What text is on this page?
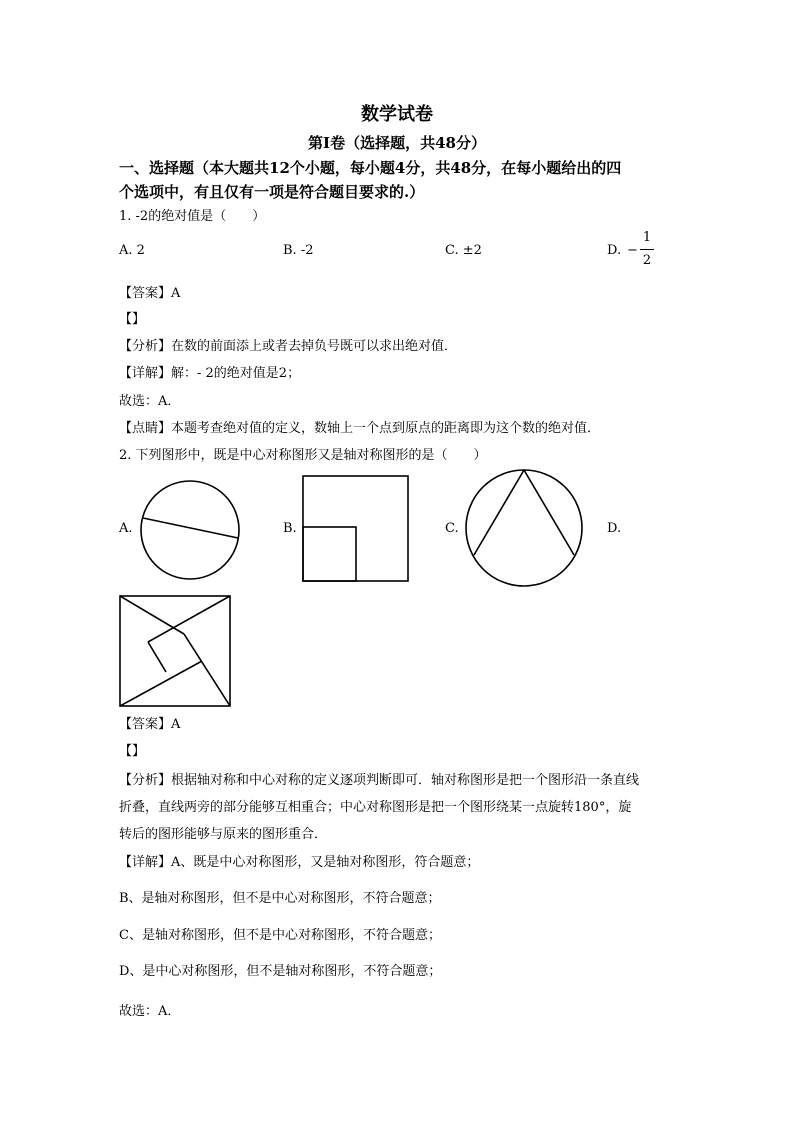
数学试卷
第Ⅰ卷（选择题，共48分）
一、选择题（本大题共12个小题，每小题4分，共48分，在每小题给出的四
个选项中，有且仅有一项是符合题目要求的.）
1. -2的绝对值是（　　）
A. 2	B. -2	C. ±2	D. −
1
2
【答案】A
【】
【分析】在数的前面添上或者去掉负号既可以求出绝对值．
【详解】解：- 2的绝对值是2；
故选：A．
【点睛】本题考查绝对值的定义，数轴上一个点到原点的距离即为这个数的绝对值．
2. 下列图形中，既是中心对称图形又是轴对称图形的是（　　）
A.	B.	C.	D.
【答案】A
【】
【分析】根据轴对称和中心对称的定义逐项判断即可．轴对称图形是把一个图形沿一条直线
折叠，直线两旁的部分能够互相重合；中心对称图形是把一个图形绕某一点旋转180°，旋
转后的图形能够与原来的图形重合．
【详解】A、既是中心对称图形，又是轴对称图形，符合题意；
B、是轴对称图形，但不是中心对称图形，不符合题意；
C、是轴对称图形，但不是中心对称图形，不符合题意；
D、是中心对称图形，但不是轴对称图形，不符合题意；
故选：A．
